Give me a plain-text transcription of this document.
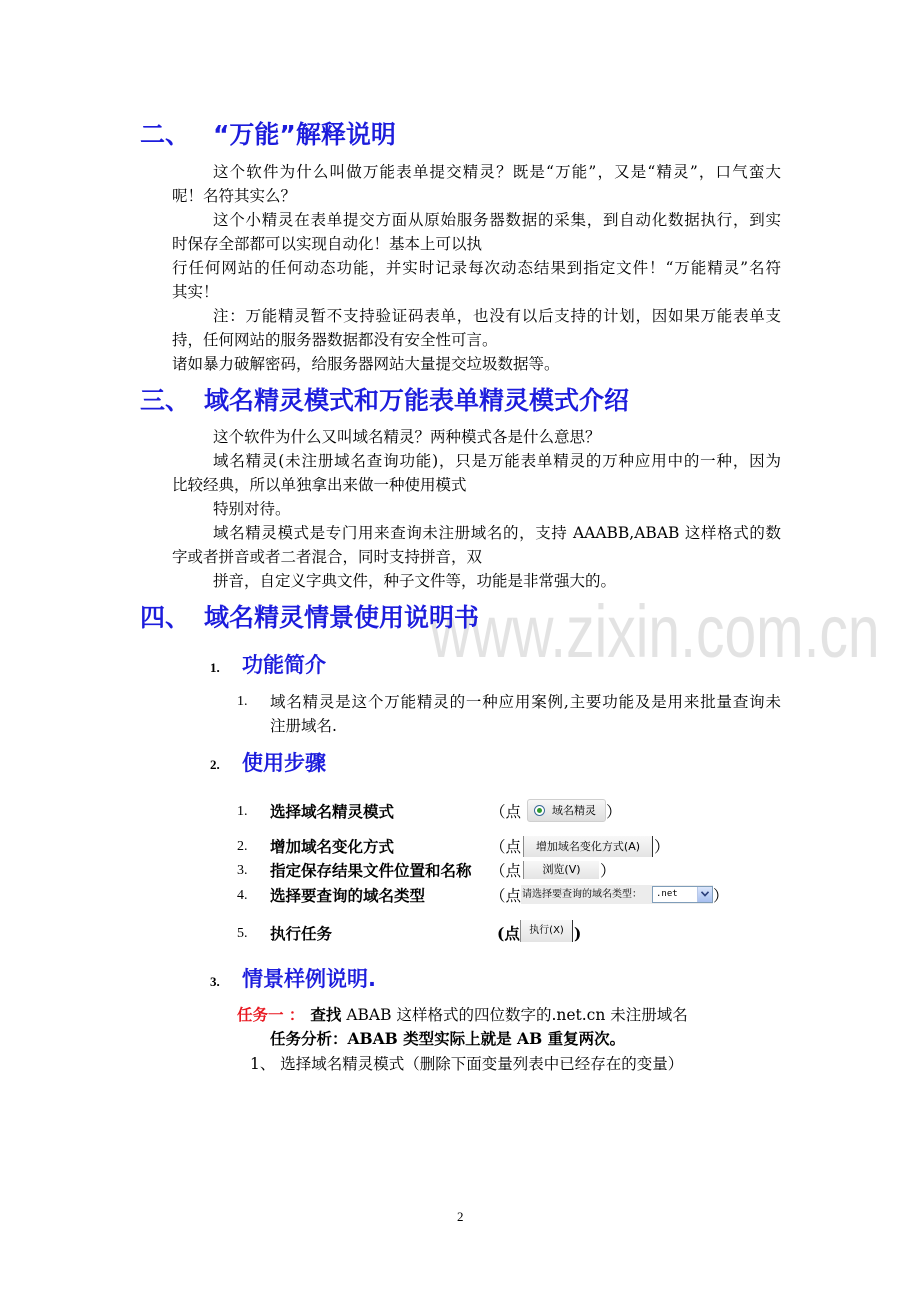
www.zixin.com.cn
二、 “万能”解释说明
这个软件为什么叫做万能表单提交精灵？既是“万能”，又是“精灵”，口气蛮大
呢！名符其实么？
这个小精灵在表单提交方面从原始服务器数据的采集，到自动化数据执行，到实
时保存全部都可以实现自动化！基本上可以执
行任何网站的任何动态功能，并实时记录每次动态结果到指定文件！“万能精灵”名符
其实！
注：万能精灵暂不支持验证码表单，也没有以后支持的计划，因如果万能表单支
持，任何网站的服务器数据都没有安全性可言。
诸如暴力破解密码，给服务器网站大量提交垃圾数据等。
三、 域名精灵模式和万能表单精灵模式介绍
这个软件为什么又叫域名精灵？两种模式各是什么意思？
域名精灵(未注册域名查询功能)，只是万能表单精灵的万种应用中的一种，因为
比较经典，所以单独拿出来做一种使用模式
特别对待。
域名精灵模式是专门用来查询未注册域名的，支持 AAABB,ABAB 这样格式的数
字或者拼音或者二者混合，同时支持拼音，双
拼音，自定义字典文件，种子文件等，功能是非常强大的。
四、 域名精灵情景使用说明书
1. 功能简介
1. 域名精灵是这个万能精灵的一种应用案例,主要功能及是用来批量查询未
注册域名.
2. 使用步骤
1. 选择域名精灵模式	（点	域名精灵 ）
2. 增加域名变化方式	（点	增加域名变化方式(A) ）
3. 指定保存结果文件位置和名称 （点	浏览(V)	）
4. 选择要查询的域名类型	（点 请选择要查询的域名类型： .net ）
5. 执行任务	(点 执行(X) )
3. 情景样例说明.
任务一 ： 查找 ABAB 这样格式的四位数字的.net.cn 未注册域名
任务分析：ABAB 类型实际上就是 AB 重复两次。
1、 选择域名精灵模式（删除下面变量列表中已经存在的变量）
2
